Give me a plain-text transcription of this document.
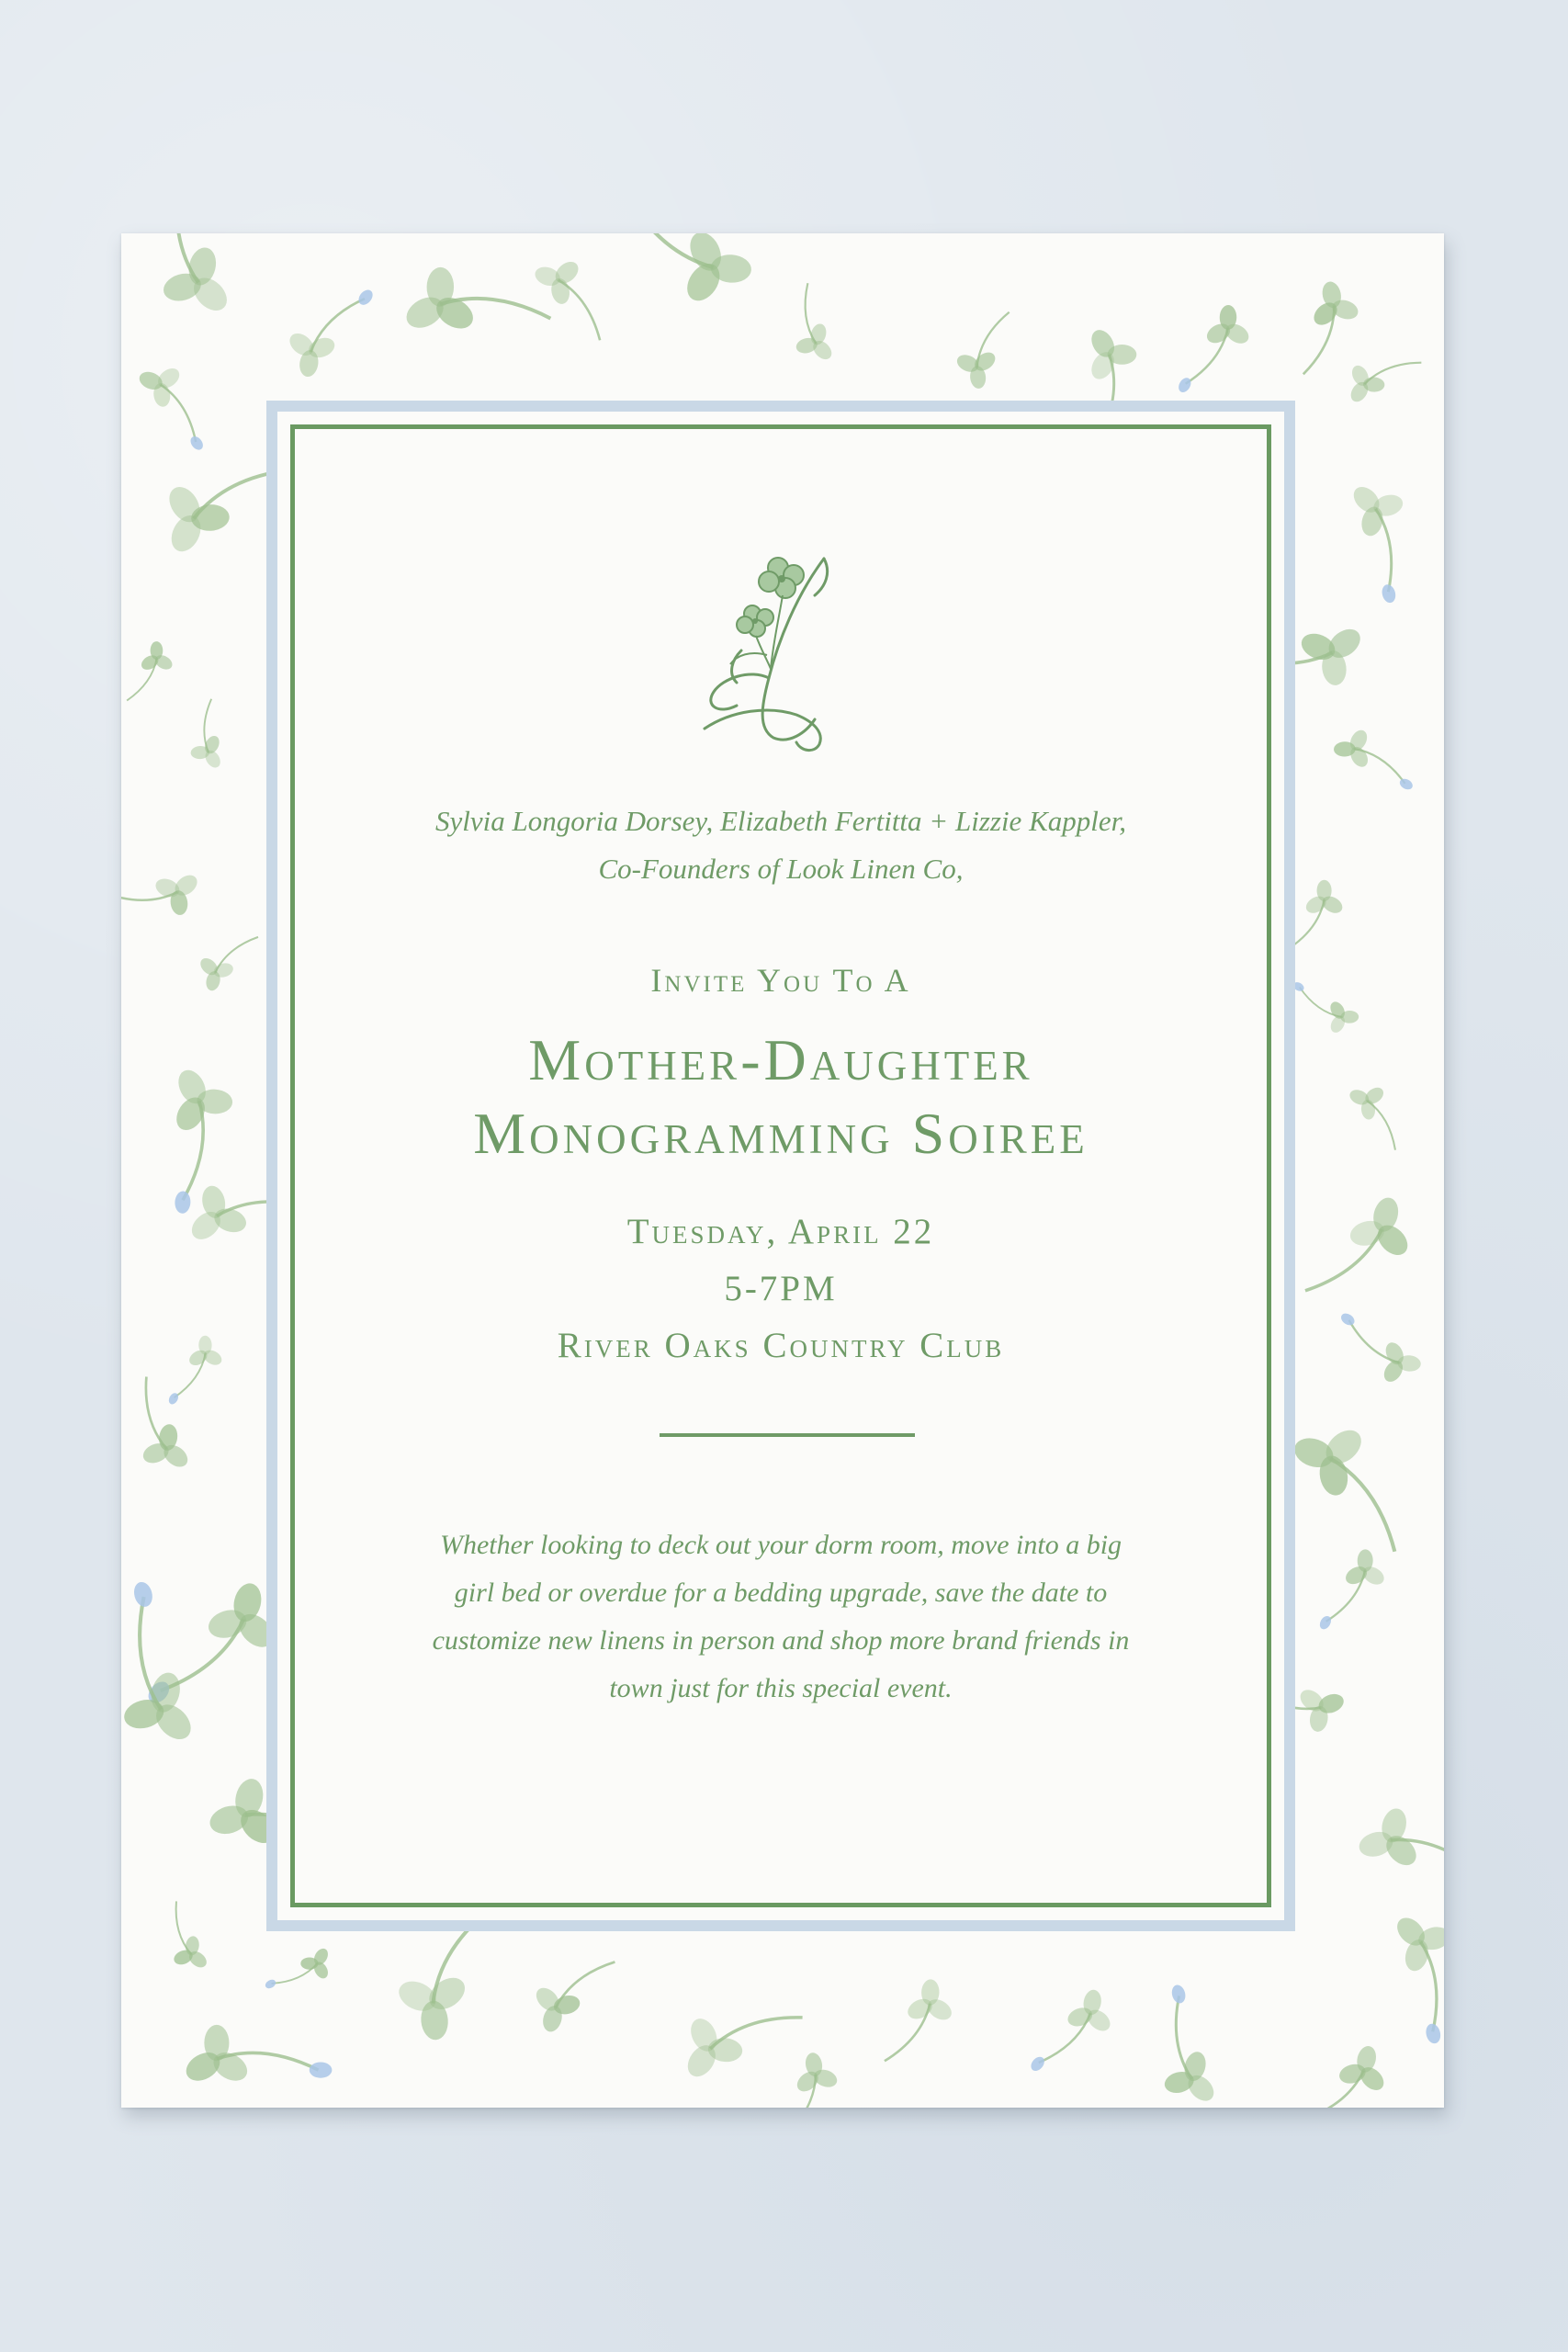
Sylvia Longoria Dorsey, Elizabeth Fertitta + Lizzie Kappler,
Co-Founders of Look Linen Co,
Invite You To A
Mother-Daughter
Monogramming Soiree
Tuesday, April 22
5-7PM
River Oaks Country Club
Whether looking to deck out your dorm room, move into a big
girl bed or overdue for a bedding upgrade, save the date to
customize new linens in person and shop more brand friends in
town just for this special event.
